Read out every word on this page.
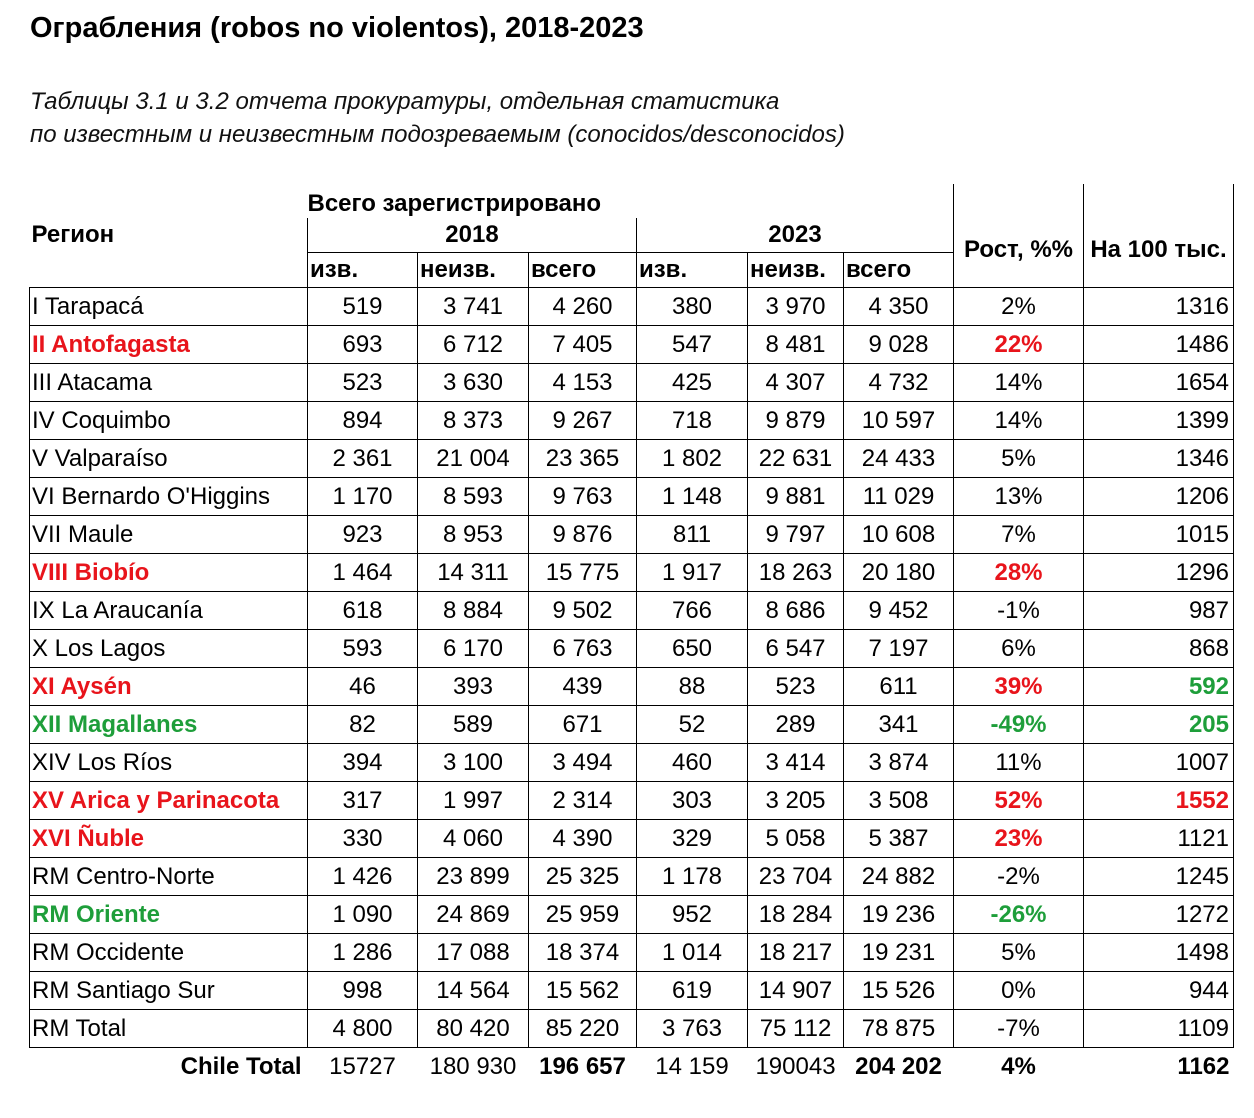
Ограбления (robos no violentos), 2018-2023
Таблицы 3.1 и 3.2 отчета прокуратуры, отдельная статистика
по известным и неизвестным подозреваемым (conocidos/desconocidos)
Регион	Всего зарегистрировано						Рост, %%	На 100 тыс.
	2018			2023				
	изв.	неизв.	всего	изв.	неизв.	всего		
I Tarapacá	519	3 741	4 260	380	3 970	4 350	2%	1316
II Antofagasta	693	6 712	7 405	547	8 481	9 028	22%	1486
III Atacama	523	3 630	4 153	425	4 307	4 732	14%	1654
IV Coquimbo	894	8 373	9 267	718	9 879	10 597	14%	1399
V Valparaíso	2 361	21 004	23 365	1 802	22 631	24 433	5%	1346
VI Bernardo O'Higgins	1 170	8 593	9 763	1 148	9 881	11 029	13%	1206
VII Maule	923	8 953	9 876	811	9 797	10 608	7%	1015
VIII Biobío	1 464	14 311	15 775	1 917	18 263	20 180	28%	1296
IX La Araucanía	618	8 884	9 502	766	8 686	9 452	-1%	987
X Los Lagos	593	6 170	6 763	650	6 547	7 197	6%	868
XI Aysén	46	393	439	88	523	611	39%	592
XII Magallanes	82	589	671	52	289	341	-49%	205
XIV Los Ríos	394	3 100	3 494	460	3 414	3 874	11%	1007
XV Arica y Parinacota	317	1 997	2 314	303	3 205	3 508	52%	1552
XVI Ñuble	330	4 060	4 390	329	5 058	5 387	23%	1121
RM Centro-Norte	1 426	23 899	25 325	1 178	23 704	24 882	-2%	1245
RM Oriente	1 090	24 869	25 959	952	18 284	19 236	-26%	1272
RM Occidente	1 286	17 088	18 374	1 014	18 217	19 231	5%	1498
RM Santiago Sur	998	14 564	15 562	619	14 907	15 526	0%	944
RM Total	4 800	80 420	85 220	3 763	75 112	78 875	-7%	1109
Chile Total	15727	180 930	196 657	14 159	190043	204 202	4%	1162
